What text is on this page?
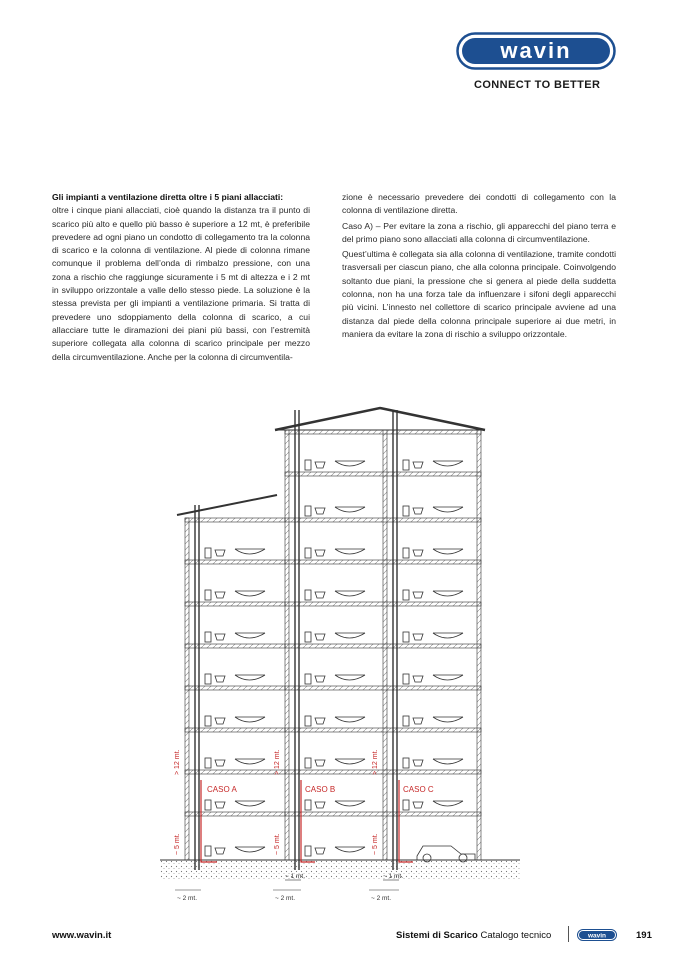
wavin
CONNECT TO BETTER

Gli impianti a ventilazione diretta oltre i 5 piani allacciati:
oltre i cinque piani allacciati, cioè quando la distanza tra il punto di scarico più alto e quello più basso è superiore a 12 mt, è preferibile prevedere ad ogni piano un condotto di collegamento tra la colonna di scarico e la colonna di ventilazione. Al piede di colonna rimane comunque il problema dell’onda di rimbalzo pressione, con una zona a rischio che raggiunge sicuramente i 5 mt di altezza e i 2 mt in sviluppo orizzontale a valle dello stesso piede. La soluzione è la stessa prevista per gli impianti a ventilazione primaria. Si tratta di prevedere uno sdoppiamento della colonna di scarico, a cui allacciare tutte le diramazioni dei piani più bassi, con l’estremità superiore collegata alla colonna di scarico principale per mezzo della circumventilazione. Anche per la colonna di circumventila-

zione è necessario prevedere dei condotti di collegamento con la colonna di ventilazione diretta.

Caso A) – Per evitare la zona a rischio, gli apparecchi del piano terra e del primo piano sono allacciati alla colonna di circumventilazione.

Quest’ultima è collegata sia alla colonna di ventilazione, tramite condotti trasversali per ciascun piano, che alla colonna principale. Coinvolgendo soltanto due piani, la pressione che si genera al piede della suddetta colonna, non ha una forza tale da influenzare i sifoni degli apparecchi più vicini. L’innesto nel collettore di scarico principale avviene ad una distanza dal piede della colonna principale superiore ai due metri, in maniera da evitare la zona di rischio a sviluppo orizzontale.

CASO A	CASO B	CASO C
> 12 mt.	> 12 mt.	> 12 mt.
~ 5 mt.	~ 5 mt.	~ 5 mt.
~ 2 mt.	~ 2 mt.	~ 2 mt.
~ 1 mt.	~ 1 mt.
www.wavin.it	Sistemi di Scarico Catalogo tecnico	wavin	191
